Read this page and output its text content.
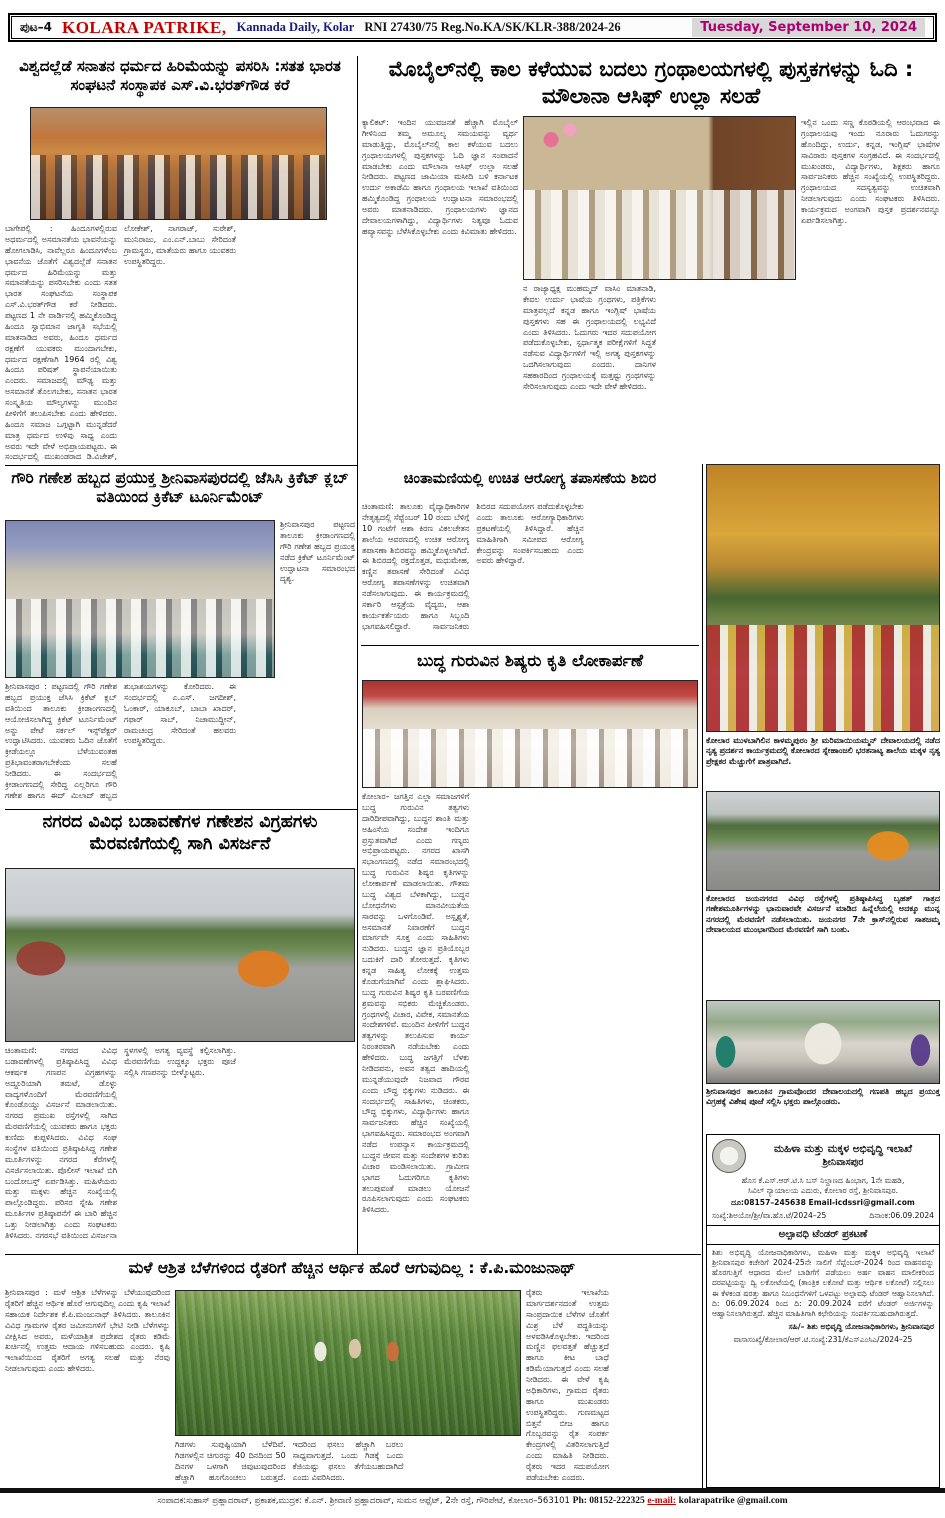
ಪುಟ–4 KOLARA PATRIKE, Kannada Daily, Kolar RNI 27430/75 Reg.No.KA/SK/KLR-388/2024-26	Tuesday, September 10, 2024
ವಿಶ್ವದಲ್ಲೆಡೆ ಸನಾತನ ಧರ್ಮದ ಹಿರಿಮೆಯನ್ನು ಪಸರಿಸಿ :ಸತತ ಭಾರತ ಸಂಘಟನೆ ಸಂಸ್ಥಾಪಕ ಎಸ್.ವಿ.ಭರತ್‌ಗೌಡ ಕರೆ
ಬಾಗೇಪಲ್ಲಿ : ಹಿಂದೂಗಳಲ್ಲಿರುವ ಅಧರ್ಮದಲ್ಲಿ ಅಸಮಾನತೆಯ ಭಾವನೆಯನ್ನು ಹೋಗಲಾಡಿಸಿ, ನಾವೆಲ್ಲರೂ ಹಿಂದೂಗಳೆಂಬ ಭಾವನೆಯ ಜೊತೆಗೆ ವಿಶ್ವದಲ್ಲೆಡೆ ಸನಾತನ ಧರ್ಮದ ಹಿರಿಮೆಯನ್ನು ಮತ್ತು ಸಮಾನತೆಯನ್ನು ಪಸರಿಸಬೇಕು ಎಂದು ಸತತ ಭಾರತ ಸಂಘಟನೆಯ ಸಂಸ್ಥಾಪಕ ಎಸ್.ವಿ.ಭರತ್‌ಗೌಡ ಕರೆ ನೀಡಿದರು. ಪಟ್ಟಣದ 1 ನೇ ವಾರ್ಡಿನಲ್ಲಿ ಹಮ್ಮಿಕೊಂಡಿದ್ದ ಹಿಂದೂ ಸ್ವಾಭಿಮಾನ ಜಾಗೃತಿ ಸಭೆಯಲ್ಲಿ ಮಾತನಾಡಿದ ಅವರು, ಹಿಂದೂ ಧರ್ಮದ ರಕ್ಷಣೆಗೆ ಯುವಕರು ಮುಂದಾಗಬೇಕು, ಧರ್ಮದ ರಕ್ಷಣೆಗಾಗಿ 1964 ರಲ್ಲಿ ವಿಶ್ವ ಹಿಂದೂ ಪರಿಷತ್ ಸ್ಥಾಪನೆಯಾಯಿತು ಎಂದರು. ಸಮಾಜದಲ್ಲಿ ಮೌಢ್ಯ ಮತ್ತು ಅಸಮಾನತೆ ತೊಲಗಬೇಕು, ಸನಾತನ ಭಾರತ ಸಂಸ್ಕೃತಿಯ ಮೌಲ್ಯಗಳನ್ನು ಮುಂದಿನ ಪೀಳಿಗೆಗೆ ತಲುಪಿಸಬೇಕು ಎಂದು ಹೇಳಿದರು. ಹಿಂದೂ ಸಮಾಜ ಒಗ್ಗಟ್ಟಾಗಿ ಮುನ್ನಡೆದರೆ ಮಾತ್ರ ಧರ್ಮದ ಉಳಿವು ಸಾಧ್ಯ ಎಂದು ಅವರು ಇದೇ ವೇಳೆ ಅಭಿಪ್ರಾಯಪಟ್ಟರು. ಈ ಸಂದರ್ಭದಲ್ಲಿ ಮುಖಂಡರಾದ ಡಿ.ವಿಜೇಶ್, ಲೋಕೇಶ್, ನಾಗರಾಜ್, ಸುರೇಶ್, ಮುನಿರಾಜು, ಎಂ.ಎನ್.ಬಾಬು ಸೇರಿದಂತೆ ಗ್ರಾಮಸ್ಥರು, ಮಾತೆಯರು ಹಾಗೂ ಯುವಕರು ಉಪಸ್ಥಿತರಿದ್ದರು.
ಮೊಬೈಲ್‌ನಲ್ಲಿ ಕಾಲ ಕಳೆಯುವ ಬದಲು ಗ್ರಂಥಾಲಯಗಳಲ್ಲಿ ಪುಸ್ತಕಗಳನ್ನು ಓದಿ : ಮೌಲಾನಾ ಆಸಿಫ್ ಉಲ್ಲಾ ಸಲಹೆ
ಕ್ಯಾಲಿಕಟ್: ಇಂದಿನ ಯುವಜನತೆ ಹೆಚ್ಚಾಗಿ ಮೊಬೈಲ್ ಗೀಳಿನಿಂದ ತಮ್ಮ ಅಮೂಲ್ಯ ಸಮಯವನ್ನು ವ್ಯರ್ಥ ಮಾಡುತ್ತಿದ್ದು, ಮೊಬೈಲ್‌ನಲ್ಲಿ ಕಾಲ ಕಳೆಯುವ ಬದಲು ಗ್ರಂಥಾಲಯಗಳಲ್ಲಿ ಪುಸ್ತಕಗಳನ್ನು ಓದಿ ಜ್ಞಾನ ಸಂಪಾದನೆ ಮಾಡಬೇಕು ಎಂದು ಮೌಲಾನಾ ಆಸಿಫ್ ಉಲ್ಲಾ ಸಲಹೆ ನೀಡಿದರು. ಪಟ್ಟಣದ ಜಾಮಿಯಾ ಮಸೀದಿ ಬಳಿ ಕರ್ನಾಟಕ ಉರ್ದು ಅಕಾಡೆಮಿ ಹಾಗೂ ಗ್ರಂಥಾಲಯ ಇಲಾಖೆ ವತಿಯಿಂದ ಹಮ್ಮಿಕೊಂಡಿದ್ದ ಗ್ರಂಥಾಲಯ ಉದ್ಘಾಟನಾ ಸಮಾರಂಭದಲ್ಲಿ ಅವರು ಮಾತನಾಡಿದರು. ಗ್ರಂಥಾಲಯಗಳು ಜ್ಞಾನದ ದೇವಾಲಯಗಳಾಗಿದ್ದು, ವಿದ್ಯಾರ್ಥಿಗಳು ನಿತ್ಯವೂ ಓದುವ ಹವ್ಯಾಸವನ್ನು ಬೆಳೆಸಿಕೊಳ್ಳಬೇಕು ಎಂದು ಕಿವಿಮಾತು ಹೇಳಿದರು.
ನ ರಾಜ್ಯಾಧ್ಯಕ್ಷ ಮುಹಮ್ಮದ್ ವಾಸಿಂ ಮಾತನಾಡಿ, ಕೇವಲ ಉರ್ದು ಭಾಷೆಯ ಗ್ರಂಥಗಳು, ಪತ್ರಿಕೆಗಳು ಮಾತ್ರವಲ್ಲದೆ ಕನ್ನಡ ಹಾಗೂ ಇಂಗ್ಲಿಷ್ ಭಾಷೆಯ ಪುಸ್ತಕಗಳು ಸಹ ಈ ಗ್ರಂಥಾಲಯದಲ್ಲಿ ಲಭ್ಯವಿದೆ ಎಂದು ತಿಳಿಸಿದರು. ಓದುಗರು ಇದರ ಸದುಪಯೋಗ ಪಡೆದುಕೊಳ್ಳಬೇಕು, ಸ್ಪರ್ಧಾತ್ಮಕ ಪರೀಕ್ಷೆಗಳಿಗೆ ಸಿದ್ಧತೆ ನಡೆಸುವ ವಿದ್ಯಾರ್ಥಿಗಳಿಗೆ ಇಲ್ಲಿ ಅಗತ್ಯ ಪುಸ್ತಕಗಳನ್ನು ಒದಗಿಸಲಾಗುವುದು ಎಂದರು. ದಾನಿಗಳ ಸಹಕಾರದಿಂದ ಗ್ರಂಥಾಲಯಕ್ಕೆ ಮತ್ತಷ್ಟು ಗ್ರಂಥಗಳನ್ನು ಸೇರಿಸಲಾಗುವುದು ಎಂದು ಇದೇ ವೇಳೆ ಹೇಳಿದರು.
ಇಲ್ಲಿನ ಒಂದು ಸಣ್ಣ ಕೊಠಡಿಯಲ್ಲಿ ಆರಂಭವಾದ ಈ ಗ್ರಂಥಾಲಯವು ಇಂದು ನೂರಾರು ಓದುಗರನ್ನು ಹೊಂದಿದ್ದು, ಉರ್ದು, ಕನ್ನಡ, ಇಂಗ್ಲಿಷ್ ಭಾಷೆಗಳ ಸಾವಿರಾರು ಪುಸ್ತಕಗಳ ಸಂಗ್ರಹವಿದೆ. ಈ ಸಂದರ್ಭದಲ್ಲಿ ಮುಖಂಡರು, ವಿದ್ಯಾರ್ಥಿಗಳು, ಶಿಕ್ಷಕರು ಹಾಗೂ ಸಾರ್ವಜನಿಕರು ಹೆಚ್ಚಿನ ಸಂಖ್ಯೆಯಲ್ಲಿ ಉಪಸ್ಥಿತರಿದ್ದರು. ಗ್ರಂಥಾಲಯದ ಸದಸ್ಯತ್ವವನ್ನು ಉಚಿತವಾಗಿ ನೀಡಲಾಗುವುದು ಎಂದು ಸಂಘಟಕರು ತಿಳಿಸಿದರು. ಕಾರ್ಯಕ್ರಮದ ಅಂಗವಾಗಿ ಪುಸ್ತಕ ಪ್ರದರ್ಶನವನ್ನೂ ಏರ್ಪಡಿಸಲಾಗಿತ್ತು.
ಚಿಂತಾಮಣಿಯಲ್ಲಿ ಉಚಿತ ಆರೋಗ್ಯ ತಪಾಸಣೆಯ ಶಿಬಿರ
ಚಿಂತಾಮಣಿ: ತಾಲೂಕು ವೈದ್ಯಾಧಿಕಾರಿಗಳ ನೇತೃತ್ವದಲ್ಲಿ ಸೆಪ್ಟೆಂಬರ್ 10 ರಂದು ಬೆಳಿಗ್ಗೆ 10 ಗಂಟೆಗೆ ಆಶಾ ಕಿರಣ ವಿಕಲಚೇತನ ಶಾಲೆಯ ಆವರಣದಲ್ಲಿ ಉಚಿತ ಆರೋಗ್ಯ ತಪಾಸಣಾ ಶಿಬಿರವನ್ನು ಹಮ್ಮಿಕೊಳ್ಳಲಾಗಿದೆ. ಈ ಶಿಬಿರದಲ್ಲಿ ರಕ್ತದೊತ್ತಡ, ಮಧುಮೇಹ, ಕಣ್ಣಿನ ತಪಾಸಣೆ ಸೇರಿದಂತೆ ವಿವಿಧ ಆರೋಗ್ಯ ತಪಾಸಣೆಗಳನ್ನು ಉಚಿತವಾಗಿ ನಡೆಸಲಾಗುವುದು. ಈ ಕಾರ್ಯಕ್ರಮದಲ್ಲಿ ಸರ್ಕಾರಿ ಆಸ್ಪತ್ರೆಯ ವೈದ್ಯರು, ಆಶಾ ಕಾರ್ಯಕರ್ತೆಯರು ಹಾಗೂ ಸಿಬ್ಬಂದಿ ಭಾಗವಹಿಸಲಿದ್ದಾರೆ. ಸಾರ್ವಜನಿಕರು ಶಿಬಿರದ ಸದುಪಯೋಗ ಪಡೆದುಕೊಳ್ಳಬೇಕು ಎಂದು ತಾಲೂಕು ಆರೋಗ್ಯಾಧಿಕಾರಿಗಳು ಪ್ರಕಟಣೆಯಲ್ಲಿ ತಿಳಿಸಿದ್ದಾರೆ. ಹೆಚ್ಚಿನ ಮಾಹಿತಿಗಾಗಿ ಸಮೀಪದ ಆರೋಗ್ಯ ಕೇಂದ್ರವನ್ನು ಸಂಪರ್ಕಿಸಬಹುದು ಎಂದು ಅವರು ಹೇಳಿದ್ದಾರೆ.
ಬುದ್ಧ ಗುರುವಿನ ಶಿಷ್ಯರು ಕೃತಿ ಲೋಕಾರ್ಪಣೆ
ಕೋಲಾರ– ಜಗತ್ತಿನ ಎಲ್ಲಾ ಸಮಾಜಗಳಿಗೆ ಬುದ್ಧ ಗುರುವಿನ ತತ್ವಗಳು ದಾರಿದೀಪವಾಗಿದ್ದು, ಬುದ್ಧನ ಶಾಂತಿ ಮತ್ತು ಅಹಿಂಸೆಯ ಸಂದೇಶ ಇಂದಿಗೂ ಪ್ರಸ್ತುತವಾಗಿದೆ ಎಂದು ಗಣ್ಯರು ಅಭಿಪ್ರಾಯಪಟ್ಟರು. ನಗರದ ಖಾಸಗಿ ಸಭಾಂಗಣದಲ್ಲಿ ನಡೆದ ಸಮಾರಂಭದಲ್ಲಿ ಬುದ್ಧ ಗುರುವಿನ ಶಿಷ್ಯರ ಕೃತಿಗಳನ್ನು ಲೋಕಾರ್ಪಣೆ ಮಾಡಲಾಯಿತು. ಗೌತಮ ಬುದ್ಧ ವಿಶ್ವದ ಬೆಳಕಾಗಿದ್ದು, ಬುದ್ಧನ ಬೋಧನೆಗಳು ಮಾನವೀಯತೆಯ ಸಾರವನ್ನು ಒಳಗೊಂಡಿವೆ. ಅಸ್ಪೃಶ್ಯತೆ, ಅಸಮಾನತೆ ನಿವಾರಣೆಗೆ ಬುದ್ಧನ ಮಾರ್ಗವೇ ಸೂಕ್ತ ಎಂದು ಸಾಹಿತಿಗಳು ನುಡಿದರು. ಬುದ್ಧನ ಜ್ಞಾನ ಪ್ರತಿಯೊಬ್ಬರ ಬದುಕಿಗೆ ದಾರಿ ತೋರುತ್ತದೆ. ಕೃತಿಗಳು ಕನ್ನಡ ಸಾಹಿತ್ಯ ಲೋಕಕ್ಕೆ ಉತ್ತಮ ಕೊಡುಗೆಯಾಗಿವೆ ಎಂದು ಶ್ಲಾಘಿಸಿದರು. ಬುದ್ಧ ಗುರುವಿನ ಶಿಷ್ಯರ ಕೃತಿ ಬರವಣಿಗೆಯ ಶ್ರಮವನ್ನು ಸಭಿಕರು ಮೆಚ್ಚಿಕೊಂಡರು. ಗ್ರಂಥಗಳಲ್ಲಿ ವಿಚಾರ, ವಿವೇಕ, ಸಮಾನತೆಯ ಸಂದೇಶಗಳಿವೆ. ಮುಂದಿನ ಪೀಳಿಗೆಗೆ ಬುದ್ಧನ ತತ್ವಗಳನ್ನು ತಲುಪಿಸುವ ಕಾರ್ಯ ನಿರಂತರವಾಗಿ ನಡೆಯಬೇಕು ಎಂದು ಹೇಳಿದರು. ಬುದ್ಧ ಜಗತ್ತಿಗೆ ಬೆಳಕು ನೀಡಿದವನು, ಅವನ ತತ್ವದ ಹಾದಿಯಲ್ಲಿ ಮುನ್ನಡೆಯುವುದೇ ನಿಜವಾದ ಗೌರವ ಎಂದು ಬೌದ್ಧ ಭಿಕ್ಕುಗಳು ನುಡಿದರು. ಈ ಸಂದರ್ಭದಲ್ಲಿ ಸಾಹಿತಿಗಳು, ಚಿಂತಕರು, ಬೌದ್ಧ ಭಿಕ್ಕುಗಳು, ವಿದ್ಯಾರ್ಥಿಗಳು ಹಾಗೂ ಸಾರ್ವಜನಿಕರು ಹೆಚ್ಚಿನ ಸಂಖ್ಯೆಯಲ್ಲಿ ಭಾಗವಹಿಸಿದ್ದರು. ಸಮಾರಂಭದ ಅಂಗವಾಗಿ ನಡೆದ ಉಪನ್ಯಾಸ ಕಾರ್ಯಕ್ರಮದಲ್ಲಿ ಬುದ್ಧನ ಜೀವನ ಮತ್ತು ಸಂದೇಶಗಳ ಕುರಿತು ವಿಚಾರ ಮಂಡಿಸಲಾಯಿತು. ಗ್ರಾಮೀಣ ಭಾಗದ ಓದುಗರಿಗೂ ಕೃತಿಗಳು ತಲುಪುವಂತೆ ಮಾಡಲು ಯೋಜನೆ ರೂಪಿಸಲಾಗುವುದು ಎಂದು ಸಂಘಟಕರು ತಿಳಿಸಿದರು.
ಗೌರಿ ಗಣೇಶ ಹಬ್ಬದ ಪ್ರಯುಕ್ತ ಶ್ರೀನಿವಾಸಪುರದಲ್ಲಿ ಜೆಸಿಸಿ ಕ್ರಿಕೆಟ್ ಕ್ಲಬ್ ವತಿಯಿಂದ ಕ್ರಿಕೆಟ್ ಟೂರ್ನಿಮೆಂಟ್
ಶ್ರೀನಿವಾಸಪುರ ಪಟ್ಟಣದ ತಾಲೂಕು ಕ್ರೀಡಾಂಗಣದಲ್ಲಿ ಗೌರಿ ಗಣೇಶ ಹಬ್ಬದ ಪ್ರಯುಕ್ತ ನಡೆದ ಕ್ರಿಕೆಟ್ ಟೂರ್ನಿಮೆಂಟ್ ಉದ್ಘಾಟನಾ ಸಮಾರಂಭದ ದೃಶ್ಯ.
ಶ್ರೀನಿವಾಸಪುರ : ಪಟ್ಟಣದಲ್ಲಿ ಗೌರಿ ಗಣೇಶ ಹಬ್ಬದ ಪ್ರಯುಕ್ತ ಜೆಸಿಸಿ ಕ್ರಿಕೆಟ್ ಕ್ಲಬ್ ವತಿಯಿಂದ ತಾಲೂಕು ಕ್ರೀಡಾಂಗಣದಲ್ಲಿ ಆಯೋಜಿಸಲಾಗಿದ್ದ ಕ್ರಿಕೆಟ್ ಟೂರ್ನಿಮೆಂಟ್ ಅನ್ನು ಪೇಟೆ ಸರ್ಕಲ್ ಇನ್ಸ್‌ಪೆಕ್ಟರ್ ಉದ್ಘಾಟಿಸಿದರು. ಯುವಕರು ಓದಿನ ಜೊತೆಗೆ ಕ್ರೀಡೆಯಲ್ಲೂ ಬೆಳೆಯುವಂತಹ ಪ್ರತಿಭಾವಂತರಾಗಬೇಕೆಂದು ಸಲಹೆ ನೀಡಿದರು. ಈ ಸಂದರ್ಭದಲ್ಲಿ ಕ್ರೀಡಾಂಗಣದಲ್ಲಿ ಸೇರಿದ್ದ ಎಲ್ಲರಿಗೂ ಗೌರಿ ಗಣೇಶ ಹಾಗೂ ಈದ್ ಮಿಲಾದ್ ಹಬ್ಬದ ಶುಭಾಶಯಗಳನ್ನು ಕೋರಿದರು. ಈ ಸಂದರ್ಭದಲ್ಲಿ ಎ.ಎಸ್. ಜಗದೀಶ್, ಓಂಕಾರ್, ಯಾಕೂಬ್, ಬಾಬಾ ಖಾದರ್, ಗಫಾರ್ ಸಾಬ್, ನಿಜಾಮುದ್ದೀನ್, ರಾಮಚಂದ್ರ ಸೇರಿದಂತೆ ಹಲವರು ಉಪಸ್ಥಿತರಿದ್ದರು.
ನಗರದ ವಿವಿಧ ಬಡಾವಣೆಗಳ ಗಣೇಶನ ವಿಗ್ರಹಗಳು ಮೆರವಣಿಗೆಯಲ್ಲಿ ಸಾಗಿ ವಿಸರ್ಜನೆ
ಚಿಂತಾಮಣಿ: ನಗರದ ವಿವಿಧ ಬಡಾವಣೆಗಳಲ್ಲಿ ಪ್ರತಿಷ್ಠಾಪಿಸಿದ್ದ ವಿವಿಧ ಆಕರ್ಷಕ ಗಣಪನ ವಿಗ್ರಹಗಳನ್ನು ಅದ್ದೂರಿಯಾಗಿ ತಮಟೆ, ಡೊಳ್ಳು ವಾದ್ಯಗಳೊಂದಿಗೆ ಮೆರವಣಿಗೆಯಲ್ಲಿ ಕೊಂಡೊಯ್ದು ವಿಸರ್ಜನೆ ಮಾಡಲಾಯಿತು. ನಗರದ ಪ್ರಮುಖ ರಸ್ತೆಗಳಲ್ಲಿ ಸಾಗಿದ ಮೆರವಣಿಗೆಯಲ್ಲಿ ಯುವಕರು ಹಾಗೂ ಭಕ್ತರು ಕುಣಿದು ಕುಪ್ಪಳಿಸಿದರು. ವಿವಿಧ ಸಂಘ ಸಂಸ್ಥೆಗಳ ವತಿಯಿಂದ ಪ್ರತಿಷ್ಠಾಪಿಸಿದ್ದ ಗಣೇಶ ಮೂರ್ತಿಗಳನ್ನು ನಗರದ ಕೆರೆಗಳಲ್ಲಿ ವಿಸರ್ಜಿಸಲಾಯಿತು. ಪೊಲೀಸ್ ಇಲಾಖೆ ಬಿಗಿ ಬಂದೋಬಸ್ತ್ ಏರ್ಪಡಿಸಿತ್ತು. ಮಹಿಳೆಯರು ಮತ್ತು ಮಕ್ಕಳು ಹೆಚ್ಚಿನ ಸಂಖ್ಯೆಯಲ್ಲಿ ಪಾಲ್ಗೊಂಡಿದ್ದರು. ಪರಿಸರ ಸ್ನೇಹಿ ಗಣೇಶ ಮೂರ್ತಿಗಳ ಪ್ರತಿಷ್ಠಾಪನೆಗೆ ಈ ಬಾರಿ ಹೆಚ್ಚಿನ ಒತ್ತು ನೀಡಲಾಗಿತ್ತು ಎಂದು ಸಂಘಟಕರು ತಿಳಿಸಿದರು. ನಗರಸಭೆ ವತಿಯಿಂದ ವಿಸರ್ಜನಾ ಸ್ಥಳಗಳಲ್ಲಿ ಅಗತ್ಯ ವ್ಯವಸ್ಥೆ ಕಲ್ಪಿಸಲಾಗಿತ್ತು. ಮೆರವಣಿಗೆಯ ಉದ್ದಕ್ಕೂ ಭಕ್ತರು ಪೂಜೆ ಸಲ್ಲಿಸಿ ಗಣಪನನ್ನು ಬೀಳ್ಕೊಟ್ಟರು.
ಮಳೆ ಆಶ್ರಿತ ಬೆಳೆಗಳಿಂದ ರೈತರಿಗೆ ಹೆಚ್ಚಿನ ಆರ್ಥಿಕ ಹೊರೆ ಆಗುವುದಿಲ್ಲ : ಕೆ.ಪಿ.ಮಂಜುನಾಥ್
ಶ್ರೀನಿವಾಸಪುರ : ಮಳೆ ಆಶ್ರಿತ ಬೆಳೆಗಳನ್ನು ಬೆಳೆಯುವುದರಿಂದ ರೈತರಿಗೆ ಹೆಚ್ಚಿನ ಆರ್ಥಿಕ ಹೊರೆ ಆಗುವುದಿಲ್ಲ ಎಂದು ಕೃಷಿ ಇಲಾಖೆ ಸಹಾಯಕ ನಿರ್ದೇಶಕ ಕೆ.ಪಿ.ಮಂಜುನಾಥ್ ತಿಳಿಸಿದರು. ತಾಲೂಕಿನ ವಿವಿಧ ಗ್ರಾಮಗಳ ರೈತರ ಜಮೀನುಗಳಿಗೆ ಭೇಟಿ ನೀಡಿ ಬೆಳೆಗಳನ್ನು ವೀಕ್ಷಿಸಿದ ಅವರು, ಮಳೆಯಾಶ್ರಿತ ಪ್ರದೇಶದ ರೈತರು ಕಡಿಮೆ ಖರ್ಚಿನಲ್ಲಿ ಉತ್ತಮ ಆದಾಯ ಗಳಿಸಬಹುದು ಎಂದರು. ಕೃಷಿ ಇಲಾಖೆಯಿಂದ ರೈತರಿಗೆ ಅಗತ್ಯ ಸಲಹೆ ಮತ್ತು ನೆರವು ನೀಡಲಾಗುವುದು ಎಂದು ಹೇಳಿದರು.
ಗಿಡಗಳು ಸುಪುಷ್ಟಿಯಾಗಿ ಬೆಳೆದಿವೆ. ಗಿಡಗಳಲ್ಲಿನ ಚಿಗುರನ್ನು 40 ದಿನದಿಂದ 50 ದಿನಗಳ ಒಳಗಾಗಿ ಚಿವುಟುವುದರಿಂದ ಹೆಚ್ಚಾಗಿ ಹೂಗೊಂಚಲು ಬರುತ್ತದೆ. ಇದರಿಂದ ಫಸಲು ಹೆಚ್ಚಾಗಿ ಬರಲು ಸಾಧ್ಯವಾಗುತ್ತದೆ. ಒಂದು ಗಿಡಕ್ಕೆ ಒಂದು ಕೆಜಿಯಷ್ಟು ಫಸಲು ತೆಗೆಯಬಹುದಾಗಿದೆ ಎಂದು ವಿವರಿಸಿದರು.
ರೈತರು ಇಲಾಖೆಯ ಮಾರ್ಗದರ್ಶನದಂತೆ ಉತ್ತಮ ಸಾಂಪ್ರದಾಯಿಕ ಬೆಳೆಗಳ ಜೊತೆಗೆ ಮಿಶ್ರ ಬೆಳೆ ಪದ್ಧತಿಯನ್ನು ಅಳವಡಿಸಿಕೊಳ್ಳಬೇಕು. ಇದರಿಂದ ಮಣ್ಣಿನ ಫಲವತ್ತತೆ ಹೆಚ್ಚುತ್ತದೆ ಹಾಗೂ ಕೀಟ ಬಾಧೆ ಕಡಿಮೆಯಾಗುತ್ತದೆ ಎಂದು ಸಲಹೆ ನೀಡಿದರು. ಈ ವೇಳೆ ಕೃಷಿ ಅಧಿಕಾರಿಗಳು, ಗ್ರಾಮದ ರೈತರು ಹಾಗೂ ಮುಖಂಡರು ಉಪಸ್ಥಿತರಿದ್ದರು. ಗುಣಮಟ್ಟದ ಬಿತ್ತನೆ ಬೀಜ ಹಾಗೂ ಗೊಬ್ಬರವನ್ನು ರೈತ ಸಂಪರ್ಕ ಕೇಂದ್ರಗಳಲ್ಲಿ ವಿತರಿಸಲಾಗುತ್ತಿದೆ ಎಂದು ಮಾಹಿತಿ ನೀಡಿದರು. ರೈತರು ಇದರ ಸದುಪಯೋಗ ಪಡೆಯಬೇಕು ಎಂದರು.
ಕೋಲಾರ ಮುಳಬಾಗಿಲಿನ ಕಾಳಮ್ಮಪುರಂ ಶ್ರೀ ಮರಿಮಾಯಿಯಮ್ಮನ್ ದೇವಾಲಯದಲ್ಲಿ ನಡೆದ ನೃತ್ಯ ಪ್ರದರ್ಶನ ಕಾರ್ಯಕ್ರಮದಲ್ಲಿ ಕೋಲಾರದ ಸ್ನೇಹಾಂಜಲಿ ಭರತನಾಟ್ಯ ಶಾಲೆಯ ಮಕ್ಕಳ ನೃತ್ಯ ಪ್ರೇಕ್ಷಕರ ಮೆಚ್ಚುಗೆಗೆ ಪಾತ್ರವಾಗಿದೆ.
ಕೋಲಾರದ ಜಯನಗರದ ವಿವಿಧ ರಸ್ತೆಗಳಲ್ಲಿ ಪ್ರತಿಷ್ಠಾಪಿಸಿದ್ದ ಬೃಹತ್ ಗಾತ್ರದ ಗಣೇಶಮೂರ್ತಿಗಳನ್ನು ಭಾನುವಾರವೇ ವಿಸರ್ಜನೆ ಮಾಡಿದ ಹಿನ್ನೆಲೆಯಲ್ಲಿ ಅದಕ್ಕೂ ಮುನ್ನ ನಗರದಲ್ಲಿ ಮೆರವಣಿಗೆ ನಡೆಸಲಾಯಿತು. ಜಯನಗರ 7ನೇ ಕ್ರಾಸ್‌ನಲ್ಲಿರುವ ಸಾತಜಮ್ಮ ದೇವಾಲಯದ ಮುಂಭಾಗದಿಂದ ಮೆರವಣಿಗೆ ಸಾಗಿ ಬಂತು.
ಶ್ರೀನಿವಾಸಪುರ ತಾಲೂಕಿನ ಗ್ರಾಮವೊಂದರ ದೇವಾಲಯದಲ್ಲಿ ಗಣಪತಿ ಹಬ್ಬದ ಪ್ರಯುಕ್ತ ವಿಗ್ರಹಕ್ಕೆ ವಿಶೇಷ ಪೂಜೆ ಸಲ್ಲಿಸಿ ಭಕ್ತರು ಪಾಲ್ಗೊಂಡರು.
ಮಹಿಳಾ ಮತ್ತು ಮಕ್ಕಳ ಅಭಿವೃದ್ಧಿ ಇಲಾಖೆ
ಶ್ರೀನಿವಾಸಪುರ
ಹೊಸ ಕೆ.ಎಸ್.ಆರ್.ಟಿ.ಸಿ ಬಸ್ ನಿಲ್ದಾಣದ ಹಿಂಭಾಗ, 1ನೇ ಮಹಡಿ,
ಸಿವಿಲ್ ನ್ಯಾಯಾಲಯ ಎದುರು, ಕೋಲಾರ ರಸ್ತೆ, ಶ್ರೀನಿವಾಸಪುರ.
ದೂ:08157–245638 Email-icdssri@gmail.com
ಸಂಖ್ಯೆ:ಶಿಅಯೋ/ಶ್ರೀ/ವಾ.ಹೊ.ಟೆ/2024–25	ದಿನಾಂಕ:06.09.2024
ಅಲ್ಪಾವಧಿ ಟೆಂಡರ್ ಪ್ರಕಟಣೆ
ಶಿಶು ಅಭಿವೃದ್ಧಿ ಯೋಜನಾಧಿಕಾರಿಗಳು, ಮಹಿಳಾ ಮತ್ತು ಮಕ್ಕಳ ಅಭಿವೃದ್ಧಿ ಇಲಾಖೆ ಶ್ರೀನಿವಾಸಪುರ ಕಚೇರಿಗೆ 2024-25ನೇ ಸಾಲಿಗೆ ಸೆಪ್ಟೆಂಬರ್-2024 ರಿಂದ ವಾಹನವನ್ನು ಹೊರಗುತ್ತಿಗೆ ಆಧಾರದ ಮೇಲೆ ಬಾಡಿಗೆಗೆ ಪಡೆಯಲು ಅರ್ಹ ವಾಹನ ಮಾಲೀಕರಿಂದ ದರಪಟ್ಟಿಯನ್ನು ದ್ವಿ ಲಕೋಟೆಯಲ್ಲಿ (ತಾಂತ್ರಿಕ ಲಕೋಟೆ ಮತ್ತು ಆರ್ಥಿಕ ಲಕೋಟೆ) ಸಲ್ಲಿಸಲು ಈ ಕೆಳಕಂಡ ಷರತ್ತು ಹಾಗೂ ನಿಬಂಧನೆಗಳಿಗೆ ಒಳಪಟ್ಟು ಅಲ್ಪಾವಧಿ ಟೆಂಡರ್ ಆಹ್ವಾನಿಸಲಾಗಿದೆ. ದಿ: 06.09.2024 ರಿಂದ ದಿ: 20.09.2024 ವರೆಗೆ ಟೆಂಡರ್ ಅರ್ಜಿಗಳನ್ನು ಆಹ್ವಾನಿಸಲಾಗಿರುತ್ತದೆ. ಹೆಚ್ಚಿನ ಮಾಹಿತಿಗಾಗಿ ಕಛೇರಿಯನ್ನು ಸಂಪರ್ಕಿಸಬಹುದಾಗಿರುತ್ತದೆ.
ಸಹಿ/– ಶಿಶು ಅಭಿವೃದ್ಧಿ ಯೋಜನಾಧಿಕಾರಿಗಳು, ಶ್ರೀನಿವಾಸಪುರ
ವಾಸಾಸಂಖ್ಯೆ/ಕೋಲಾರ/ಆರ್.ಟಿ.ಸಂಖ್ಯೆ:231/ಕೆಎಸ್ಎಂಸಿಎ/2024–25
ಸಂಪಾದಕ:ಸುಹಾಸ್ ಪ್ರಹ್ಲಾದರಾವ್, ಪ್ರಕಾಶಕ,ಮುದ್ರಕ: ಕೆ.ಎನ್. ಶ್ರೀವಾಣಿ ಪ್ರಹ್ಲಾದರಾವ್, ಸುಮನ ಆಫ್ಸೆಟ್, 2ನೇ ರಸ್ತೆ, ಗೌರಿಪೇಟೆ, ಕೋಲಾರ–563101 Ph: 08152-222325 e-mail: kolarapatrike @gmail.com
